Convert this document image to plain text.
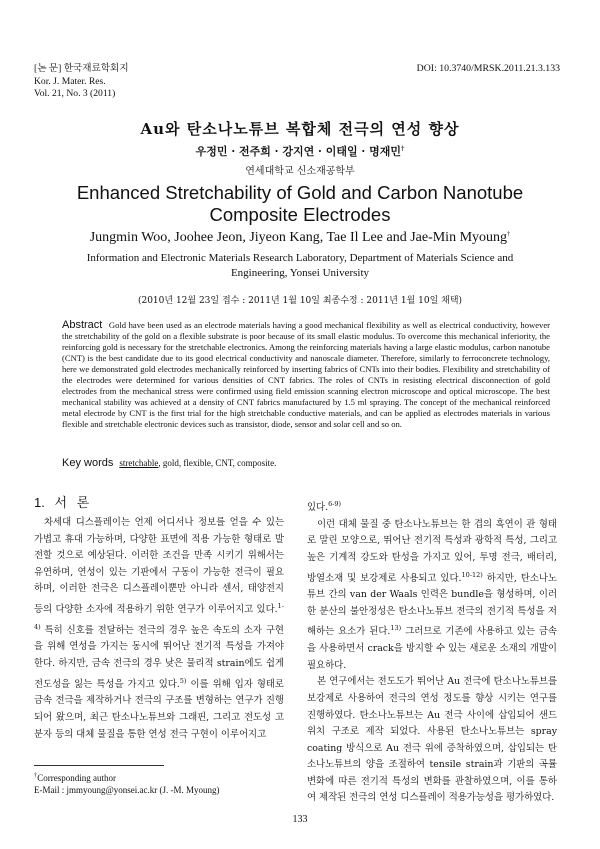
[논 문] 한국재료학회지
Kor. J. Mater. Res.
Vol. 21, No. 3 (2011)
DOI: 10.3740/MRSK.2011.21.3.133
Au와 탄소나노튜브 복합체 전극의 연성 향상
우정민 · 전주희 · 강지연 · 이태일 · 명재민†
연세대학교 신소재공학부
Enhanced Stretchability of Gold and Carbon Nanotube
Composite Electrodes
Jungmin Woo, Joohee Jeon, Jiyeon Kang, Tae Il Lee and Jae-Min Myoung†
Information and Electronic Materials Research Laboratory, Department of Materials Science and Engineering, Yonsei University
(2010년 12월 23일 접수 : 2011년 1월 10일 최종수정 : 2011년 1월 10일 채택)
Abstract Gold have been used as an electrode materials having a good mechanical flexibility as well as electrical conductivity, however the stretchability of the gold on a flexible substrate is poor because of its small elastic modulus. To overcome this mechanical inferiority, the reinforcing gold is necessary for the stretchable electronics. Among the reinforcing materials having a large elastic modulus, carbon nanotube (CNT) is the best candidate due to its good electrical conductivity and nanoscale diameter. Therefore, similarly to ferroconcrete technology, here we demonstrated gold electrodes mechanically reinforced by inserting fabrics of CNTs into their bodies. Flexibility and stretchability of the electrodes were determined for various densities of CNT fabrics. The roles of CNTs in resisting electrical disconnection of gold electrodes from the mechanical stress were confirmed using field emission scanning electron microscope and optical microscope. The best mechanical stability was achieved at a density of CNT fabrics manufactured by 1.5 ml spraying. The concept of the mechanical reinforced metal electrode by CNT is the first trial for the high stretchable conductive materials, and can be applied as electrodes materials in various flexible and stretchable electronic devices such as transistor, diode, sensor and solar cell and so on.
Key words stretchable, gold, flexible, CNT, composite.
1. 서 론

차세대 디스플레이는 언제 어디서나 정보를 얻을 수 있는 가볍고 휴대 가능하며, 다양한 표면에 적용 가능한 형태로 발전할 것으로 예상된다. 이러한 조건을 만족 시키기 위해서는 유연하며, 연성이 있는 기판에서 구동이 가능한 전극이 필요하며, 이러한 전극은 디스플레이뿐만 아니라 센서, 태양전지 등의 다양한 소자에 적용하기 위한 연구가 이루어지고 있다.$^{1-4)}$ 특히 신호를 전달하는 전극의 경우 높은 속도의 소자 구현을 위해 연성을 가지는 동시에 뛰어난 전기적 특성을 가져야 한다. 하지만, 금속 전극의 경우 낮은 물리적 strain에도 쉽게 전도성을 잃는 특성을 가지고 있다.$^{5)}$ 이를 위해 입자 형태로 금속 전극을 제작하거나 전극의 구조를 변형하는 연구가 진행 되어 왔으며, 최근 탄소나노튜브와 그래핀, 그리고 전도성 고분자 등의 대체 물질을 통한 연성 전극 구현이 이루어지고

있다.$^{6-9)}$

이런 대체 물질 중 탄소나노튜브는 한 겹의 흑연이 관 형태로 말린 모양으로, 뛰어난 전기적 특성과 광학적 특성, 그리고 높은 기계적 강도와 탄성을 가지고 있어, 투명 전극, 배터리, 방열소재 및 보강제로 사용되고 있다.$^{10-12)}$ 하지만, 탄소나노튜브 간의 van der Waals 인력은 bundle을 형성하며, 이러한 분산의 불안정성은 탄소나노튜브 전극의 전기적 특성을 저해하는 요소가 된다.$^{13)}$ 그러므로 기존에 사용하고 있는 금속을 사용하면서 crack을 방지할 수 있는 새로운 소재의 개발이 필요하다.

본 연구에서는 전도도가 뛰어난 Au 전극에 탄소나노튜브를 보강제로 사용하여 전극의 연성 정도를 향상 시키는 연구를 진행하였다. 탄소나노튜브는 Au 전극 사이에 삽입되어 샌드위치 구조로 제작 되었다. 사용된 탄소나노튜브는 spray coating 방식으로 Au 전극 위에 증착하였으며, 삽입되는 탄소나노튜브의 양을 조절하여 tensile strain과 기판의 곡률 변화에 따른 전기적 특성의 변화를 관찰하였으며, 이를 통하여 제작된 전극의 연성 디스플레이 적용가능성을 평가하였다.

†Corresponding author
E-Mail : jmmyoung@yonsei.ac.kr (J. -M. Myoung)
133
